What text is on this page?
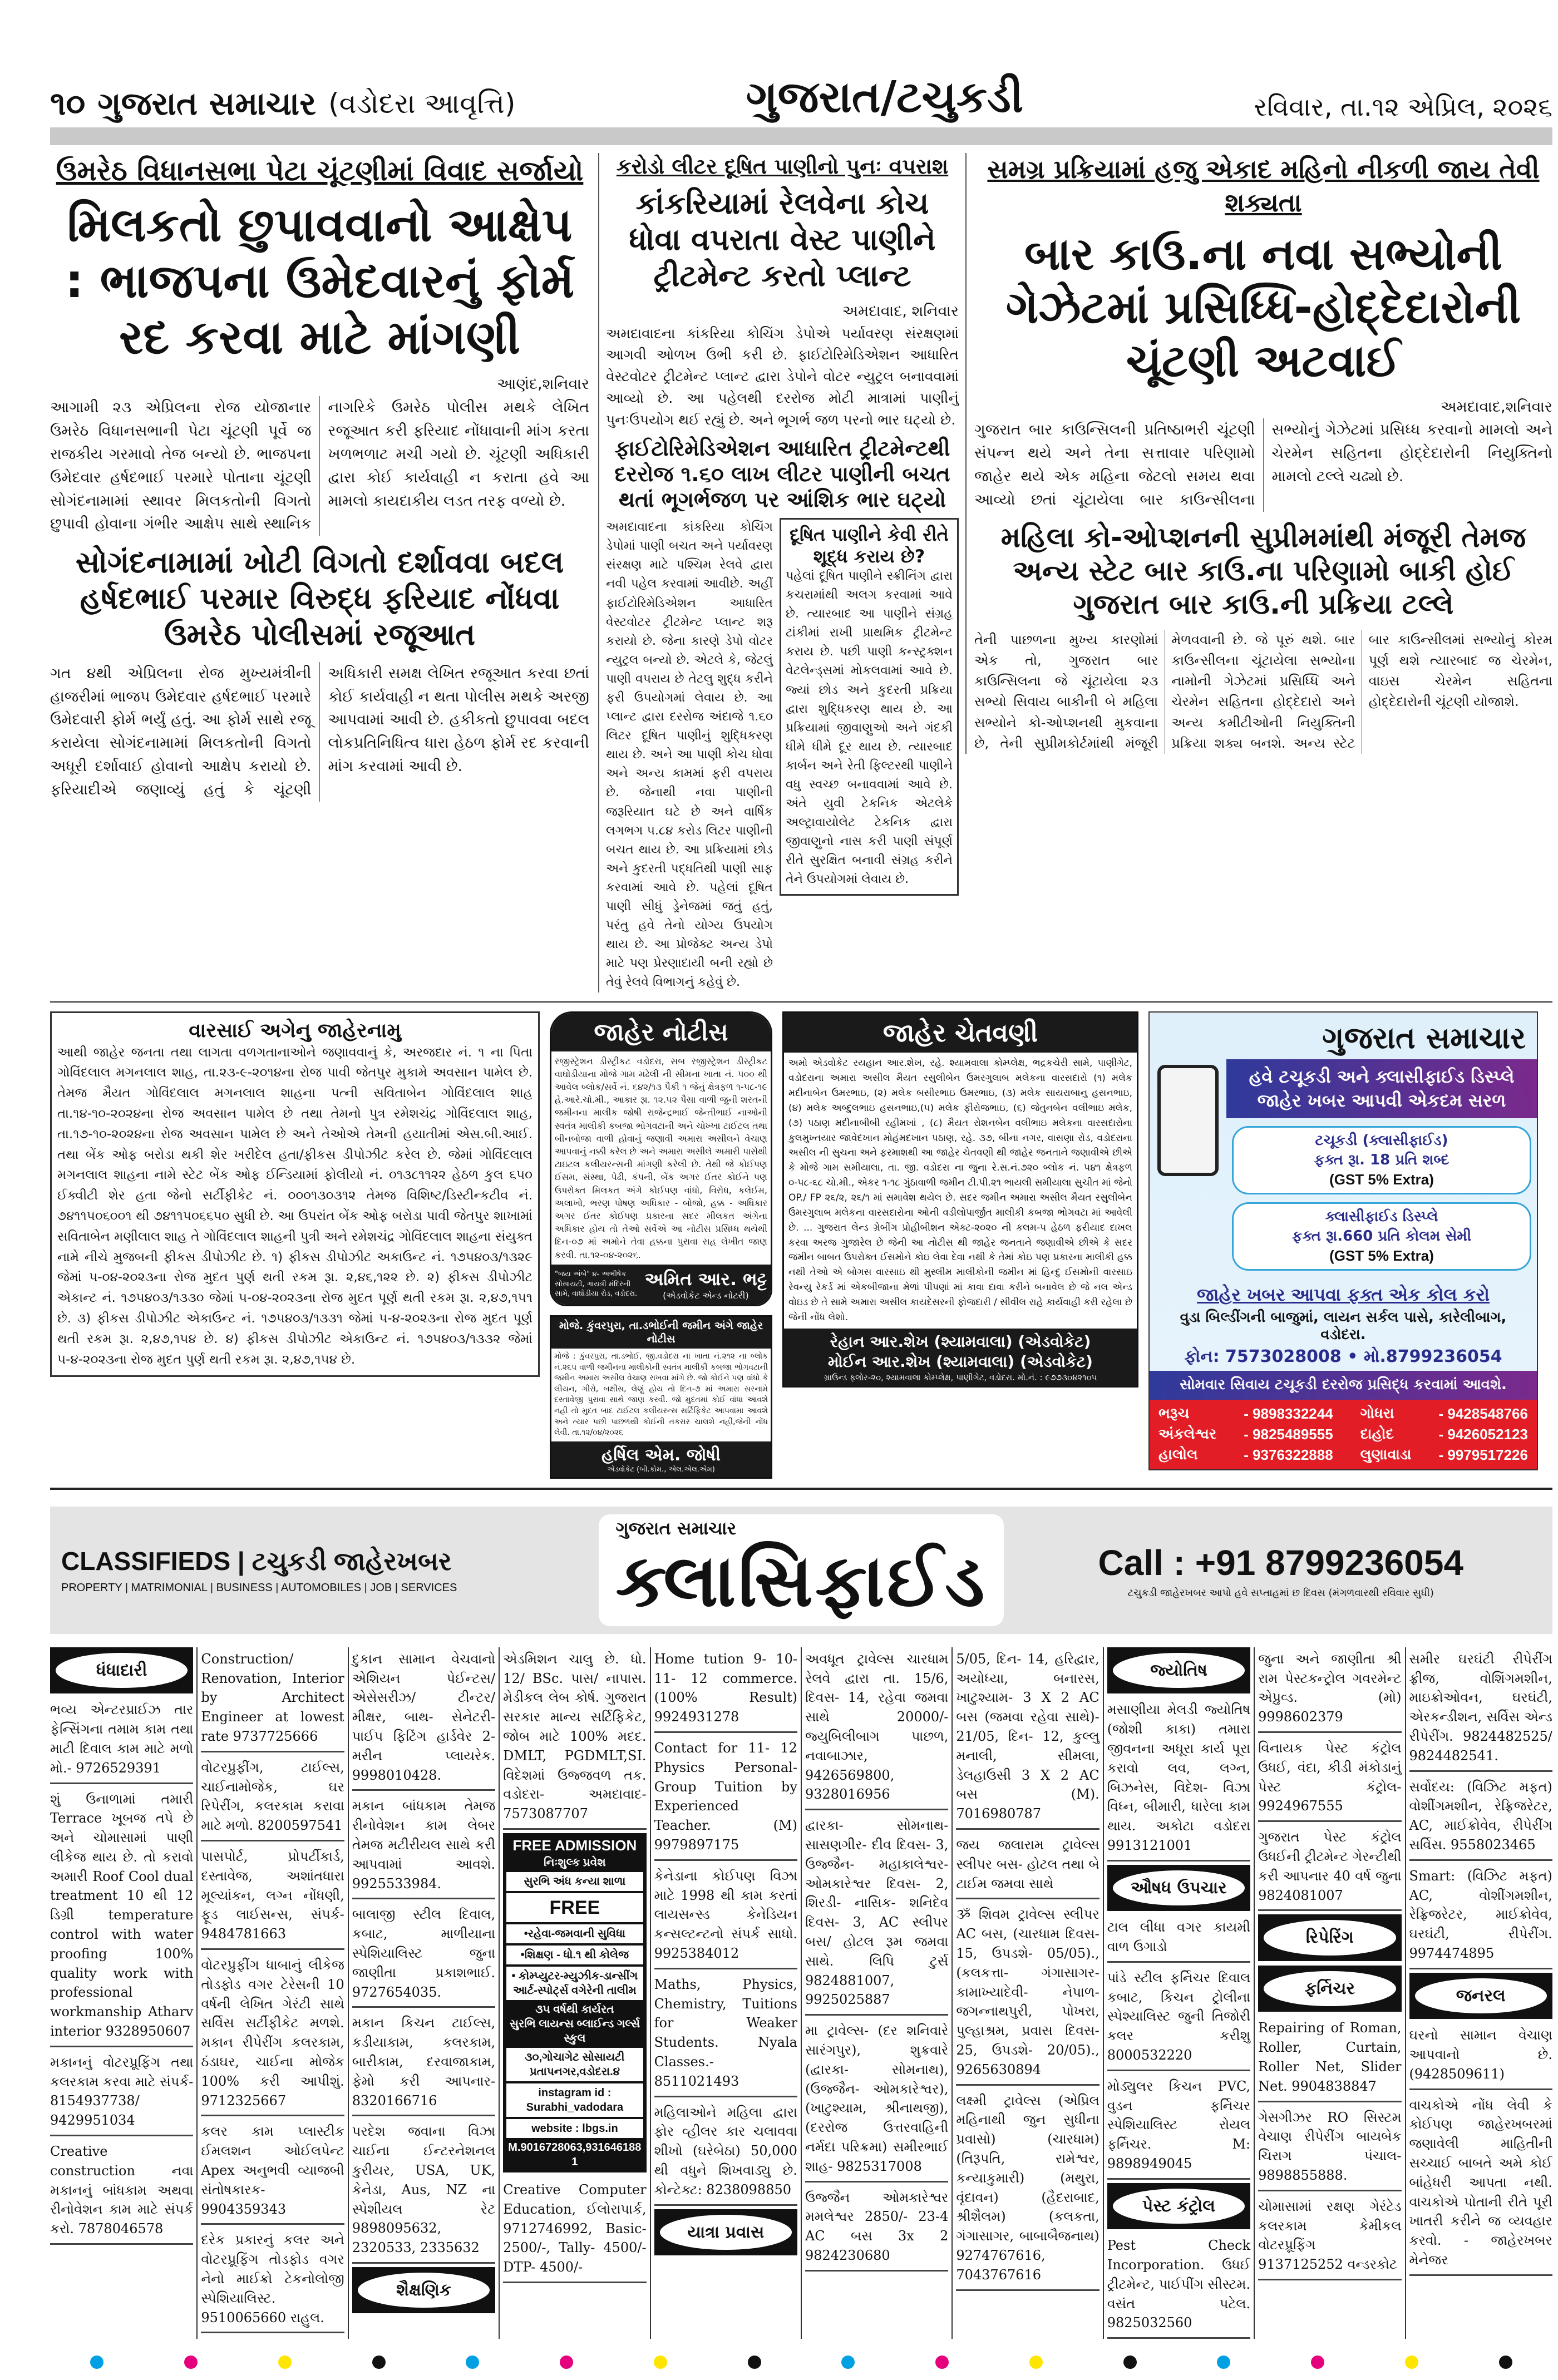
૧૦ ગુજરાત સમાચાર (વડોદરા આવૃત્તિ)	ગુજરાત/ટચુકડી	રવિવાર, તા.૧૨ એપ્રિલ, ૨૦૨૬
ઉમરેઠ વિધાનસભા પેટા ચૂંટણીમાં વિવાદ સર્જાયો
મિલકતો છુપાવવાનો આક્ષેપ : ભાજપના ઉમેદવારનું ફોર્મ રદ કરવા માટે માંગણી
આણંદ,શનિવાર
આગામી ૨૩ એપ્રિલના રોજ યોજાનાર ઉમરેઠ વિધાનસભાની પેટા ચૂંટણી પૂર્વે જ રાજકીય ગરમાવો તેજ બન્યો છે. ભાજપના ઉમેદવાર હર્ષદભાઈ પરમારે પોતાના ચૂંટણી સોગંદનામામાં સ્થાવર મિલકતોની વિગતો છુપાવી હોવાના ગંભીર આક્ષેપ સાથે સ્થાનિક નાગરિકે ઉમરેઠ પોલીસ મથકે લેખિત રજૂઆત કરી ફરિયાદ નોંધાવાની માંગ કરતા ખળભળાટ મચી ગયો છે. ચૂંટણી અધિકારી દ્વારા કોઈ કાર્યવાહી ન કરાતા હવે આ મામલો કાયદાકીય લડત તરફ વળ્યો છે.
સોગંદનામામાં ખોટી વિગતો દર્શાવવા બદલ હર્ષદભાઈ પરમાર વિરુદ્ધ ફરિયાદ નોંધવા ઉમરેઠ પોલીસમાં રજૂઆત
ગત ૪થી એપ્રિલના રોજ મુખ્યમંત્રીની હાજરીમાં ભાજપ ઉમેદવાર હર્ષદભાઈ પરમારે ઉમેદવારી ફોર્મ ભર્યું હતું. આ ફોર્મ સાથે રજૂ કરાયેલા સોગંદનામામાં મિલકતોની વિગતો અધૂરી દર્શાવાઈ હોવાનો આક્ષેપ કરાયો છે. ફરિયાદીએ જણાવ્યું હતું કે ચૂંટણી અધિકારી સમક્ષ લેખિત રજૂઆત કરવા છતાં કોઈ કાર્યવાહી ન થતા પોલીસ મથકે અરજી આપવામાં આવી છે. હકીકતો છુપાવવા બદલ લોકપ્રતિનિધિત્વ ધારા હેઠળ ફોર્મ રદ કરવાની માંગ કરવામાં આવી છે.
કરોડો લીટર દૂષિત પાણીનો પુનઃ વપરાશ
કાંકરિયામાં રેલવેના કોચ ધોવા વપરાતા વેસ્ટ પાણીને ટ્રીટમેન્ટ કરતો પ્લાન્ટ
અમદાવાદ, શનિવાર
અમદાવાદના કાંકરિયા કોચિંગ ડેપોએ પર્યાવરણ સંરક્ષણમાં આગવી ઓળખ ઉભી કરી છે. ફાઈટોરિમેડિએશન આધારિત વેસ્ટવોટર ટ્રીટમેન્ટ પ્લાન્ટ દ્વારા ડેપોને વોટર ન્યુટ્રલ બનાવવામાં આવ્યો છે. આ પહેલથી દરરોજ મોટી માત્રામાં પાણીનું પુનઃઉપયોગ થઈ રહ્યું છે. અને ભૂગર્ભ જળ પરનો ભાર ઘટ્યો છે.
ફાઈટોરિમેડિએશન આધારિત ટ્રીટમેન્ટથી દરરોજ ૧.૬૦ લાખ લીટર પાણીની બચત થતાં ભૂગર્ભજળ પર આંશિક ભાર ઘટ્યો
અમદાવાદના કાંકરિયા કોચિંગ ડેપોમાં પાણી બચત અને પર્યાવરણ સંરક્ષણ માટે પશ્ચિમ રેલવે દ્વારા નવી પહેલ કરવામાં આવીછે. અહીં ફાઈટોરિમેડિએશન આધારિત વેસ્ટવોટર ટ્રીટમેન્ટ પ્લાન્ટ શરૂ કરાયો છે. જેના કારણે ડેપો વોટર ન્યુટ્રલ બન્યો છે. એટલે કે, જેટલું પાણી વપરાય છે તેટલુ શુદ્ધ કરીને ફરી ઉપયોગમાં લેવાય છે. આ પ્લાન્ટ દ્વારા દરરોજ અંદાજે ૧.૬૦ લિટર દૂષિત પાણીનું શુદ્ધિકરણ થાય છે. અને આ પાણી કોચ ધોવા અને અન્ય કામમાં ફરી વપરાય છે. જેનાથી નવા પાણીની જરૂરિયાત ઘટે છે અને વાર્ષિક લગભગ ૫.૮૪ કરોડ લિટર પાણીની બચત થાય છે. આ પ્રક્રિયામાં છોડ અને કુદરતી પદ્ધતિથી પાણી સાફ કરવામાં આવે છે. પહેલાં દૂષિત પાણી સીધું ડ્રેનેજમાં જતું હતું, પરંતુ હવે તેનો યોગ્ય ઉપયોગ થાય છે. આ પ્રોજેક્ટ અન્ય ડેપો માટે પણ પ્રેરણાદાયી બની રહ્યો છે તેવું રેલવે વિભાગનું કહેવું છે.
દૂષિત પાણીને કેવી રીતે શૂદ્ધ કરાય છે?
પહેલાં દૂષિત પાણીને સ્ક્રીનિંગ દ્વારા કચરામાંથી અલગ કરવામાં આવે છે. ત્યારબાદ આ પાણીને સંગ્રહ ટાંકીમાં રાખી પ્રાથમિક ટ્રીટમેન્ટ કરાય છે. પછી પાણી કન્સ્ટ્રક્શન વેટલેન્ડ્સમાં મોકલવામાં આવે છે. જ્યાં છોડ અને કુદરતી પ્રક્રિયા દ્વારા શુદ્ધિકરણ થાય છે. આ પ્રક્રિયામાં જીવાણુઓ અને ગંદકી ધીમે ધીમે દૂર થાય છે. ત્યારબાદ કાર્બન અને રેતી ફિલ્ટરથી પાણીને વધુ સ્વચ્છ બનાવવામાં આવે છે. અંતે યુવી ટેકનિક એટલેકે અલ્ટ્રાવાયોલેટ ટેકનિક દ્વારા જીવાણુનો નાસ કરી પાણી સંપૂર્ણ રીતે સુરક્ષિત બનાવી સંગ્રહ કરીને તેને ઉપયોગમાં લેવાય છે.
સમગ્ર પ્રક્રિયામાં હજુ એકાદ મહિનો નીકળી જાય તેવી શક્યતા
બાર કાઉ.ના નવા સભ્યોની ગેઝેટમાં પ્રસિધ્ધિ-હોદ્દેદારોની ચૂંટણી અટવાઈ
અમદાવાદ,શનિવાર
ગુજરાત બાર કાઉન્સિલની પ્રતિષ્ઠાભરી ચૂંટણી સંપન્ન થયે અને તેના સત્તાવાર પરિણામો જાહેર થયે એક મહિના જેટલો સમય થવા આવ્યો છતાં ચૂંટાયેલા બાર કાઉન્સીલના સભ્યોનું ગેઝેટમાં પ્રસિધ્ધ કરવાનો મામલો અને ચેરમેન સહિતના હોદ્દેદારોની નિયુક્તિનો મામલો ટલ્લે ચઢ્યો છે.
મહિલા કો-ઓપ્શનની સુપ્રીમમાંથી મંજૂરી તેમજ અન્ય સ્ટેટ બાર કાઉ.ના પરિણામો બાકી હોઈ ગુજરાત બાર કાઉ.ની પ્રક્રિયા ટલ્લે
તેની પાછળના મુખ્ય કારણોમાં એક તો, ગુજરાત બાર કાઉન્સિલના જે ચૂંટાયેલા ૨૩ સભ્યો સિવાય બાકીની બે મહિલા સભ્યોને કો-ઓપ્શનથી મુકવાના છે, તેની સુપ્રીમકોર્ટમાંથી મંજૂરી મેળવવાની છે. જે પૂરું થશે. બાર કાઉન્સીલના ચૂંટાયેલા સભ્યોના નામોની ગેઝેટમાં પ્રસિધ્ધિ અને ચેરમેન સહિતના હોદ્દેદારો અને અન્ય કમીટીઓની નિયુક્તિની પ્રક્રિયા શક્ય બનશે. અન્ય સ્ટેટ બાર કાઉન્સીલમાં સભ્યોનું કોરમ પૂર્ણ થશે ત્યારબાદ જ ચેરમેન, વાઇસ ચેરમેન સહિતના હોદ્દેદારોની ચૂંટણી યોજાશે.
વારસાઈ અગેનુ જાહેરનામુ
આથી જાહેર જનતા તથા લાગતા વળગતાનાઓને જણાવવાનું કે, અરજદાર નં. ૧ ના પિતા ગોવિંદલાલ મગનલાલ શાહ, તા.૨૩-૯-૨૦૧૪ના રોજ પાવી જેતપુર મુકામે અવસાન પામેલ છે. તેમજ મૈયત ગોવિંદલાલ મગનલાલ શાહના પત્ની સવિતાબેન ગોવિંદલાલ શાહ તા.૧૪-૧૦-૨૦૨૪ના રોજ અવસાન પામેલ છે તથા તેમનો પુત્ર રમેશચંદ્ર ગોવિંદલાલ શાહ, તા.૧૭-૧૦-૨૦૨૪ના રોજ અવસાન પામેલ છે અને તેઓએ તેમની હયાતીમાં એસ.બી.આઈ. તથા બેંક ઓફ બરોડા થકી શેર ખરીદેલ હતા/ફીકસ ડીપોઝીટ કરેલ છે. જેમાં ગોવિંદલાલ મગનલાલ શાહના નામે સ્ટેટ બેંક ઓફ ઈન્ડિયામાં ફોલીયો નં. ૦૧૩૮૧૧૨૨ હેઠળ કુલ ૬૫૦ ઈક્વીટી શેર હતા જેનો સર્ટીફીકેટ નં. ૦૦૦૧૩૦૩૧૨ તેમજ વિશિષ્ટ/ડિસ્ટીન્કટીવ નં. ૭૪૧૧૫૦૬૦૦૧ થી ૭૪૧૧૫૦૬૬૫૦ સુધી છે. આ ઉપરાંત બેંક ઓફ બરોડા પાવી જેતપુર શાખામાં સવિતાબેન મણીલાલ શાહ તે ગોવિંદલાલ શાહની પુત્રી અને રમેશચંદ્ર ગોવિંદલાલ શાહના સંયુક્ત નામે નીચે મુજબની ફીકસ ડીપોઝીટ છે. ૧) ફીકસ ડીપોઝીટ અકાઉન્ટ નં. ૧૭૫૪૦૩/૧૩૨૯ જેમાં ૫-૦૪-૨૦૨૩ના રોજ મુદત પુર્ણ થતી રકમ રૂા. ૨,૪૬,૧૨૨ છે. ૨) ફીકસ ડીપોઝીટ એકાન્ટ નં. ૧૭૫૪૦૩/૧૩૩૦ જેમાં ૫-૦૪-૨૦૨૩ના રોજ મુદત પૂર્ણ થતી રકમ રૂા. ૨,૪૭,૧૫૧ છે. ૩) ફીકસ ડીપોઝીટ એકાઉન્ટ નં. ૧૭૫૪૦૩/૧૩૩૧ જેમાં ૫-૪-૨૦૨૩ના રોજ મુદત પૂર્ણ થતી રકમ રૂા. ૨,૪૭,૧૫૪ છે. ૪) ફીકસ ડીપોઝીટ એકાઉન્ટ નં. ૧૭૫૪૦૩/૧૩૩૨ જેમાં ૫-૪-૨૦૨૩ના રોજ મુદત પુર્ણ થતી રકમ રૂા. ૨,૪૭,૧૫૪ છે.
જાહેર નોટીસ
રજીસ્ટ્રેશન ડીસ્ટ્રીકટ વડોદરા, સબ રજીસ્ટ્રેશન ડીસ્ટ્રીકટ વાઘોડીયાના મોજે ગામ મઢેલી ની સીમના ખાતા નં. ૫૦૦ થી આવેલ બ્લોક/સર્વે નં. ૬૪૨/૧૩ પૈકી ૧ જેનું ક્ષેત્રફળ ૧-૫૮-૧૯ હે.આરે.ચો.મી., આકાર રૂા. ૧૨.૫૨ પૈસા વાળી જુની શરતની જમીનના માલીક જોષી રાજેન્દ્રભાઈ જેન્તીભાઈ નાઓની સ્વતંત્ર માલીકી કબજા ભોગવટાની અને ચોખ્ખા ટાઈટલ તથા બીનબોજા વાળી હોવાનું જણાવી અમારા અસીલને વેચાણ આપવાનું નક્કી કરેલ છે અને અમારા અસીલે અમારી પાસેથી ટાઇટલ કલીયરન્સની માંગણી કરેલી છે. તેથી જે કોઈપણ ઈસમ, સંસ્થા, પેઢી, કંપની, બેંક અગર ઈતર કોઈને પણ ઉપરોક્ત મિલકત અંગે કોઈપણ વાંધો, વિરોધ, કલેઈમ, અલાખો, ભરણ પોષણ અધિકાર - બોજો, હક્ક - અધિકાર અગર ઈતર કોઈપણ પ્રકારના સદર મીલકત અંગેના અધિકાર હોય તો તેઓ સર્વેએ આ નોટીસ પ્રસિધ્ધ થયેથી દિન-૦૭ માં અમોને તેવા હક્કના પુરાવા સહ લેખીત જાણ કરવી. તા.૧૨-૦૪-૨૦૨૬.
"જય અંબે" ૪- અભીષેક સોસાયટી, ગાયત્રી મંદિરની સામે, વાઘોડીયા રોડ, વડોદરા.
અમિત આર. ભટ્ટ
(એડવોકેટ એન્ડ નોટરી)
મોજે. કુંવરપુરા, તા.ડભોઈની જમીન અંગે જાહેર નોટીસ
મોજે : કુંવરપુરા, તા.ડભોઈ, જી.વડોદરા ના ખાતા નં.૨૧૨ ના બ્લોક નં.૨૬૫ વાળી જમીનના માલીકોની સ્વતંત્ર માલીકી કબજા ભોગવટાની જમીન અમારા અસીલ વેચાણ રાખવા માંગે છે. જો કોઈને પણ વાંધો કે લીયન, ગીરો, બક્ષીસ, લેણું હોય તો દિન-૭ માં અમારા સરનામે દસ્તાવેજી પુરાવા સાથે જાણ કરવી. જો મુદતમાં કોઈ વાંધા આવશે નહી તો મુદત બાદ ટાઈટલ કલીયરન્સ સર્ટિફિકેટ આપવામા આવશે અને ત્યાર પછી પાછળથી કોઈની તકરાર ચાલશે નહી,જેની નોંધ લેવી. તા.૧૨/૦૪/૨૦૨૬
હર્ષિલ એમ. જોષી
એડવોકેટ (બી.કોમ., એલ.એલ.એમ)
જાહેર ચેતવણી
અમો એડવોકેટ રયહાન આર.શેખ, રહે. શ્યામવાલા કોમ્પ્લેક્ષ, ભદ્રકચેરી સામે, પાણીગેટ, વડોદરાના અમારા અસીલ મૈયત રસુલીબેન ઉમરગુલાબ મલેકના વારસદારો (૧) મલેક મદીનાબેન ઉમરભાઇ, (૨) મલેક બસીરભાઇ ઉમરભાઇ, (૩) મલેક સાયરાબાનુ હસનભાઇ, (૪) મલેક અબ્દુલભાઇ હસનભાઇ,(૫) મલેક ફીરોજભાઇ, (૬) જેતુનબેન વલીભાઇ મલેક, (૭) પઠાણ મદીનાબીબી રહીમખાં , (૮) મૈયત રોશનબેન વલીભાઇ મલેકના વારસદારોના કુલમુખ્તયાર જાવેદખાન મોહંમદખાન પઠાણ, રહે. ૩૭, બીના નગર, વાસણા રોડ, વડોદરાના અસીલ ની સુચના અને ફરમાશથી આ જાહેર ચેતવણી થી જાહેર જનતાને જણાવીએ છીએ કે મોજે ગામ સમીયાલા, તા. જી. વડોદરા ના જુના રે.સ.નં.૭૨૦ બ્લોક નં. ૫૪૧ ક્ષેત્રફળ ૦-૫૮-૬૮ ચો.મી., એકર ૧-૧૮ ગુંઠાવાળી જમીન ટી.પી.૨૧ ભાયલી સમીયાલા સુચીત માં જેનો OP./ FP ૨૬/૨, ૨૬/૧ માં સમાવેશ થયેલ છે. સદર જમીન અમારા અસીલ મૈયત રસુલીબેન ઉમરગુલાબ મલેકના વારસદારોના ઓની વડીલોપાર્જીત માલીકી કબજા ભોગવટા માં આવેલી છે. ... ગુજરાત લેન્ડ ગ્રેબીંગ પ્રોહીબીશન એક્ટ-૨૦૨૦ ની કલમ-૫ હેઠળ ફરીયાદ દાખલ કરવા અરજ ગુજારેલ છે જેની આ નોટીસ થી જાહેર જનતાને જણાવીએ છીએ કે સદર જમીન બાબત ઉપરોક્ત ઈસમોને કોઇ લેવા દેવા નથી કે તેમાં કોઇ પણ પ્રકારના માલીકી હક્ક નથી તેઓ એ બોગસ વારસાઇ થી મુસ્લીમ માલીકોની જમીન માં હિન્દુ ઈસમોની વારસાઇ રેવન્યુ રેકર્ડ માં એકબીજાના મેળાં પીપણાં માં કાવા દાવા કરીને બનાવેલ છે જે નલ એન્ડ વોઇડ છે તે સામે અમારા અસીલ કાયદેસરની ફોજદારી / સીવીલ રાહે કાર્યવાહી કરી રહેલા છે જેની નોંધ લેશો.
રેહાન આર.શેખ (શ્યામવાલા) (એડવોકેટ)
મોઈન આર.શેખ (શ્યામવાલા) (એડવોકેટ)
ગ્રાઉન્ડ ફ્લોર-૨૦, શ્યામવાલા કોમ્પ્લેક્ષ, પાણીગેટ, વડોદરા. મો.નં. : ૯૭૭૩૦૪૨૧૦૫
ગુજરાત સમાચાર
હવે ટચૂકડી અને ક્લાસીફાઈડ ડિસ્પ્લે
જાહેર ખબર આપવી એકદમ સરળ
ટચૂકડી (ક્લાસીફાઈડ)
ફક્ત રૂા. 18 પ્રતિ શબ્દ
(GST 5% Extra)
ક્લાસીફાઈડ ડિસ્પ્લે
ફક્ત રૂા.660 પ્રતિ કોલમ સેમી
(GST 5% Extra)
જાહેર ખબર આપવા ફક્ત એક કોલ કરો
વુડા બિલ્ડીંગની બાજુમાં, લાયન સર્કલ પાસે, કારેલીબાગ, વડોદરા.
ફોન: 7573028008 • મો.8799236054
સોમવાર સિવાય ટચૂકડી દરરોજ પ્રસિદ્ધ કરવામાં આવશે.
ભરૂચ	- 9898332244 ગોધરા	- 9428548766
અંકલેશ્વર - 9825489555 દાહોદ	- 9426052123
હાલોલ	- 9376322888 લુણાવાડા - 9979517226
CLASSIFIEDS | ટચુકડી જાહેરખબર
PROPERTY | MATRIMONIAL | BUSINESS | AUTOMOBILES | JOB | SERVICES
ગુજરાત સમાચાર
ક્લાસિફાઈડ	Call : +91 8799236054
ટચુકડી જાહેરખબર આપો હવે સપ્તાહમાં છ દિવસ (મંગળવારથી રવિવાર સુધી)
ધંધાદારી
ભવ્ય એન્ટરપ્રાઈઝ તાર ફેન્સિંગના તમામ કામ તથા માટી દિવાલ કામ માટે મળો મો.- 9726529391
શું ઉનાળામાં તમારી Terrace ખૂબજ તપે છે અને ચોમાસામાં પાણી લીકેજ થાય છે. તો કરાવો અમારી Roof Cool dual treatment 10 થી 12 ડિગ્રી temperature control with water proofing 100% quality work with professional workmanship Atharv interior 9328950607
મકાનનું વોટરપ્રૂફિંગ તથા કલરકામ કરવા માટે સંપર્ક- 8154937738/ 9429951034
Creative construction નવા મકાનનું બાંધકામ અથવા રીનોવેશન કામ માટે સંપર્ક કરો. 7878046578
Construction/ Renovation, Interior by Architect Engineer at lowest rate 9737725666
વોટરપ્રુફીંગ, ટાઈલ્સ, ચાઈનામોજેક, ઘર રિપેરીંગ, કલરકામ કરાવા માટે મળો. 8200597541
પાસપોર્ટ, પ્રોપર્ટીકાર્ડ, દસ્તાવેજ, અશાંતધારા મૂલ્યાંકન, લગ્ન નોંધણી, ફૂડ લાઈસન્સ, સંપર્ક- 9484781663
વોટરપ્રુફીંગ ધાબાનું લીકેજ તોડફોડ વગર ટેરેસની 10 વર્ષની લેખિત ગેરંટી સાથે સર્વિસ સર્ટીફીકેટ મળશે. મકાન રીપેરીંગ કલરકામ, ઠંડાઘર, ચાઈના મોજેક 100% કરી આપીશું. 9712325667
કલર કામ પ્લાસ્ટીક ઈમલશન ઓઈલપેન્ટ Apex અનુભવી વ્યાજબી સંતોષકારક- 9904359343
દરેક પ્રકારનું કલર અને વોટરપ્રૂફિંગ તોડફોડ વગર નેનો માઈક્રો ટેકનોલોજી સ્પેશિયાલિસ્ટ. 9510065660 રાહુલ.
દુકાન સામાન વેચવાનો એશિયન પેઈન્ટસ/ એસેસરીઝ/ ટીન્ટર/ મીક્ષર, બાથ- સેનેટરી- પાઈપ ફિટિંગ હાર્ડવેર 2- મરીન પ્લાયરેક. 9998010428.
મકાન બાંધકામ તેમજ રીનોવેશન કામ લેબર તેમજ મટીરીયલ સાથે કરી આપવામાં આવશે. 9925533984.
બાલાજી સ્ટીલ દિવાલ, કબાટ, માળીયાના સ્પેશિયાલિસ્ટ જુના જાણીતા પ્રકાશભાઈ. 9727654035.
મકાન કિચન ટાઈલ્સ, કડીયાકામ, કલરકામ, બારીકામ, દરવાજાકામ, ફેમો કરી આપનાર- 8320166716
પરદેશ જવાના વિઝા ચાઈના ઈન્ટરનેશનલ કુરીયર, USA, UK, કેનેડા, Aus, NZ ના સ્પેશીયલ રેટ 9898095632, 2320533, 2335632
શૈક્ષણિક
એડમિશન ચાલુ છે. ધો. 12/ BSc. પાસ/ નાપાસ. મેડીકલ લેબ કોર્ષ. ગુજરાત સરકાર માન્ય સર્ટિફિકેટ, જોબ માટે 100% મદદ. DMLT, PGDMLT,SI. વિદેશમાં ઉજ્જવળ તક. વડોદરા- અમદાવાદ- 7573087707
FREE ADMISSION
નિઃશુલ્ક પ્રવેશ
સુરભિ અંધ કન્યા શાળા
FREE
•રહેવા-જમવાની સુવિધા
•શિક્ષણ - ધો.૧ થી કોલેજ
• કોમ્પ્યુટર-મ્યુઝીક-ડાન્સીંગ આર્ટ-સ્પોર્ટ્સ વગેરેની તાલીમ
૩૫ વર્ષથી કાર્યરત
સુરભિ લાયન્સ બ્લાઈન્ડ ગર્લ્સ સ્કુલ
૩૦,ગોચાગેટ સોસાયટી પ્રતાપનગર,વડોદરા.૪
instagram id : Surabhi_vadodara
website : lbgs.in
M.9016728063,9316461881
Creative Computer Education, ઈલોરાપાર્ક, 9712746992, Basic- 2500/-, Tally- 4500/- DTP- 4500/-
Home tution 9- 10- 11- 12 commerce. (100% Result) 9924931278
Contact for 11- 12 Physics Personal- Group Tuition by Experienced Teacher. (M) 9979897175
કેનેડાના કોઈપણ વિઝા માટે 1998 થી કામ કરતાં લાયસન્સ્ડ કેનેડિયન કન્સલ્ટન્ટનો સંપર્ક સાધો. 9925384012
Maths, Physics, Chemistry, Tuitions for Weaker Students. Nyala Classes.- 8511021493
મહિલાઓને મહિલા દ્વારા ફોર વ્હીલર કાર ચલાવવા શીખો (ઘરેબેઠા) 50,000 થી વધુને શિખવાડ્યુ છે. કોન્ટેક્ટ: 8238098850
યાત્રા પ્રવાસ
અવધૂત ટ્રાવેલ્સ ચારધામ રેલવે દ્વારા તા. 15/6, દિવસ- 14, રહેવા જમવા સાથે 20000/- જ્યુબિલીબાગ પાછળ, નવાબાઝાર, 9426569800, 9328016956
દ્વારકા- સોમનાથ- સાસણગીર- દીવ દિવસ- 3, ઉજ્જૈન- મહાકાલેશ્વર-ઓમકારેશ્વર દિવસ- 2, શિરડી- નાસિક- શનિદેવ દિવસ- 3, AC સ્લીપર બસ/ હોટલ રૂમ જમવા સાથે. લિપિ ટુર્સ 9824881007, 9925025887
મા ટ્રાવેલ્સ- (દર શનિવારે સારંગપુર), શુક્રવારે (દ્વારકા- સોમનાથ), (ઉજ્જૈન- ઓમકારેશ્વર), (ખાટુશ્યામ, શ્રીનાથજી), (દરરોજ ઉત્તરવાહિની નર્મદા પરિક્રમા) સમીરભાઈ શાહ- 9825317008
ઉજ્જૈન ઓમકારેશ્વર મમલેશ્વર 2850/- 23-4 AC બસ 3x 2 9824230680
5/05, દિન- 14, હરિદ્વાર, અયોધ્યા, બનારસ, ખાટુશ્યામ- 3 X 2 AC બસ (જમવા રહેવા સાથે)- 21/05, દિન- 12, કુલ્લુ મનાલી, સીમલા, ડેલહાઉસી 3 X 2 AC બસ (M). 7016980787
જય જલારામ ટ્રાવેલ્સ સ્લીપર બસ- હોટલ તથા બે ટાઈમ જમવા સાથે
ૐ શિવમ ટ્રાવેલ્સ સ્લીપર AC બસ, (ચારધામ દિવસ- 15, ઉપડશે- 05/05)., (કલકત્તા- ગંગાસાગર- કામાખ્યાદેવી- નેપાળ- જગન્નાથપુરી, પોખરા, પુલ્હાશ્રમ, પ્રવાસ દિવસ- 25, ઉપડશે- 20/05)., 9265630894
લક્ષ્મી ટ્રાવેલ્સ (એપ્રિલ મહિનાથી જુન સુધીના પ્રવાસો) (ચારધામ) (તિરૂપતિ, રામેશ્વર, કન્યાકુમારી) (મથુરા, વૃંદાવન) (હૈદરાબાદ, શ્રીશૈલમ) (કલકતા, ગંગાસાગર, બાબાબૈજનાથ) 9274767616, 7043767616
જ્યોતિષ
મસાણીયા મેલડી જ્યોતિષ (જોશી કાકા) તમારા જીવનના અધૂરા કાર્ય પૂરા કરાવો લવ, લગ્ન, બિઝનેસ, વિદેશ- વિઝા વિધ્ન, બીમારી, ધારેલા કામ થાય. અકોટા વડોદરા 9913121001
ઔષધ ઉપચાર
ટાલ લીધા વગર કાયમી વાળ ઉગાડો
પાંડે સ્ટીલ ફર્નિચર દિવાલ કબાટ, કિચન ટ્રોલીના સ્પેશ્યાલિસ્ટ જુની તિજોરી કલર કરીશુ 8000532220
મોડ્યુલર કિચન PVC, વુડન ફર્નિચર સ્પેશિયાલિસ્ટ રોયલ ફર્નિચર. M: 9898949045
પેસ્ટ કંટ્રોલ
Pest Check Incorporation. ઉધઈ ટ્રીટમેન્ટ, પાઈપીંગ સીસ્ટમ. વસંત પટેલ. 9825032560
જુના અને જાણીતા શ્રી રામ પેસ્ટકન્ટ્રોલ ગવરમેન્ટ એપ્રુવ્ડ. (મો) 9998602379
વિનાયક પેસ્ટ કંટ્રોલ ઉધઈ, વંદા, કીડી મંકોડાનું પેસ્ટ કંટ્રોલ- 9924967555
ગુજરાત પેસ્ટ કંટ્રોલ ઉધઈની ટ્રીટમેન્ટ ગેરન્ટીથી કરી આપનાર 40 વર્ષ જુના 9824081007
રિપેરિંગ
ફર્નિચર
Repairing of Roman, Roller, Curtain, Roller Net, Slider Net. 9904838847
ગેસગીઝર RO સિસ્ટમ વેચાણ રીપેરીંગ બાયબેક ચિરાગ પંચાલ- 9898855888.
ચોમાસામાં રક્ષણ ગેરંટેડ કલરકામ કેમીકલ વોટરપ્રૂફિંગ 9137125252 વન્ડરકોટ
સમીર ઘરઘંટી રીપેરીંગ ફ્રીજ, વોશિંગમશીન, માઇક્રોઓવન, ઘરઘંટી, એરકન્ડીશન, સર્વિસ એન્ડ રીપેરીંગ. 9824482525/ 9824482541.
સર્વોદય: (વિઝિટ મફત) વોશીંગમશીન, રેફ્રિજરેટર, AC, માઈક્રોવેવ, રીપેરીંગ સર્વિસ. 9558023465
Smart: (વિઝિટ મફત) AC, વોશીંગમશીન, રેફ્રિજરેટર, માઈક્રોવેવ, ઘરઘંટી, રીપેરીંગ. 9974474895
જનરલ
ઘરનો સામાન વેચાણ આપવાનો છે. (9428509611)
વાચકોએ નોંધ લેવી કે કોઈપણ જાહેરખબરમાં જણાવેલી માહિતીની સચ્ચાઈ બાબતે અમે કોઈ બાંહેધરી આપતા નથી. વાચકોએ પોતાની રીતે પૂરી ખાતરી કરીને જ વ્યવહાર કરવો. - જાહેરખબર મેનેજર
